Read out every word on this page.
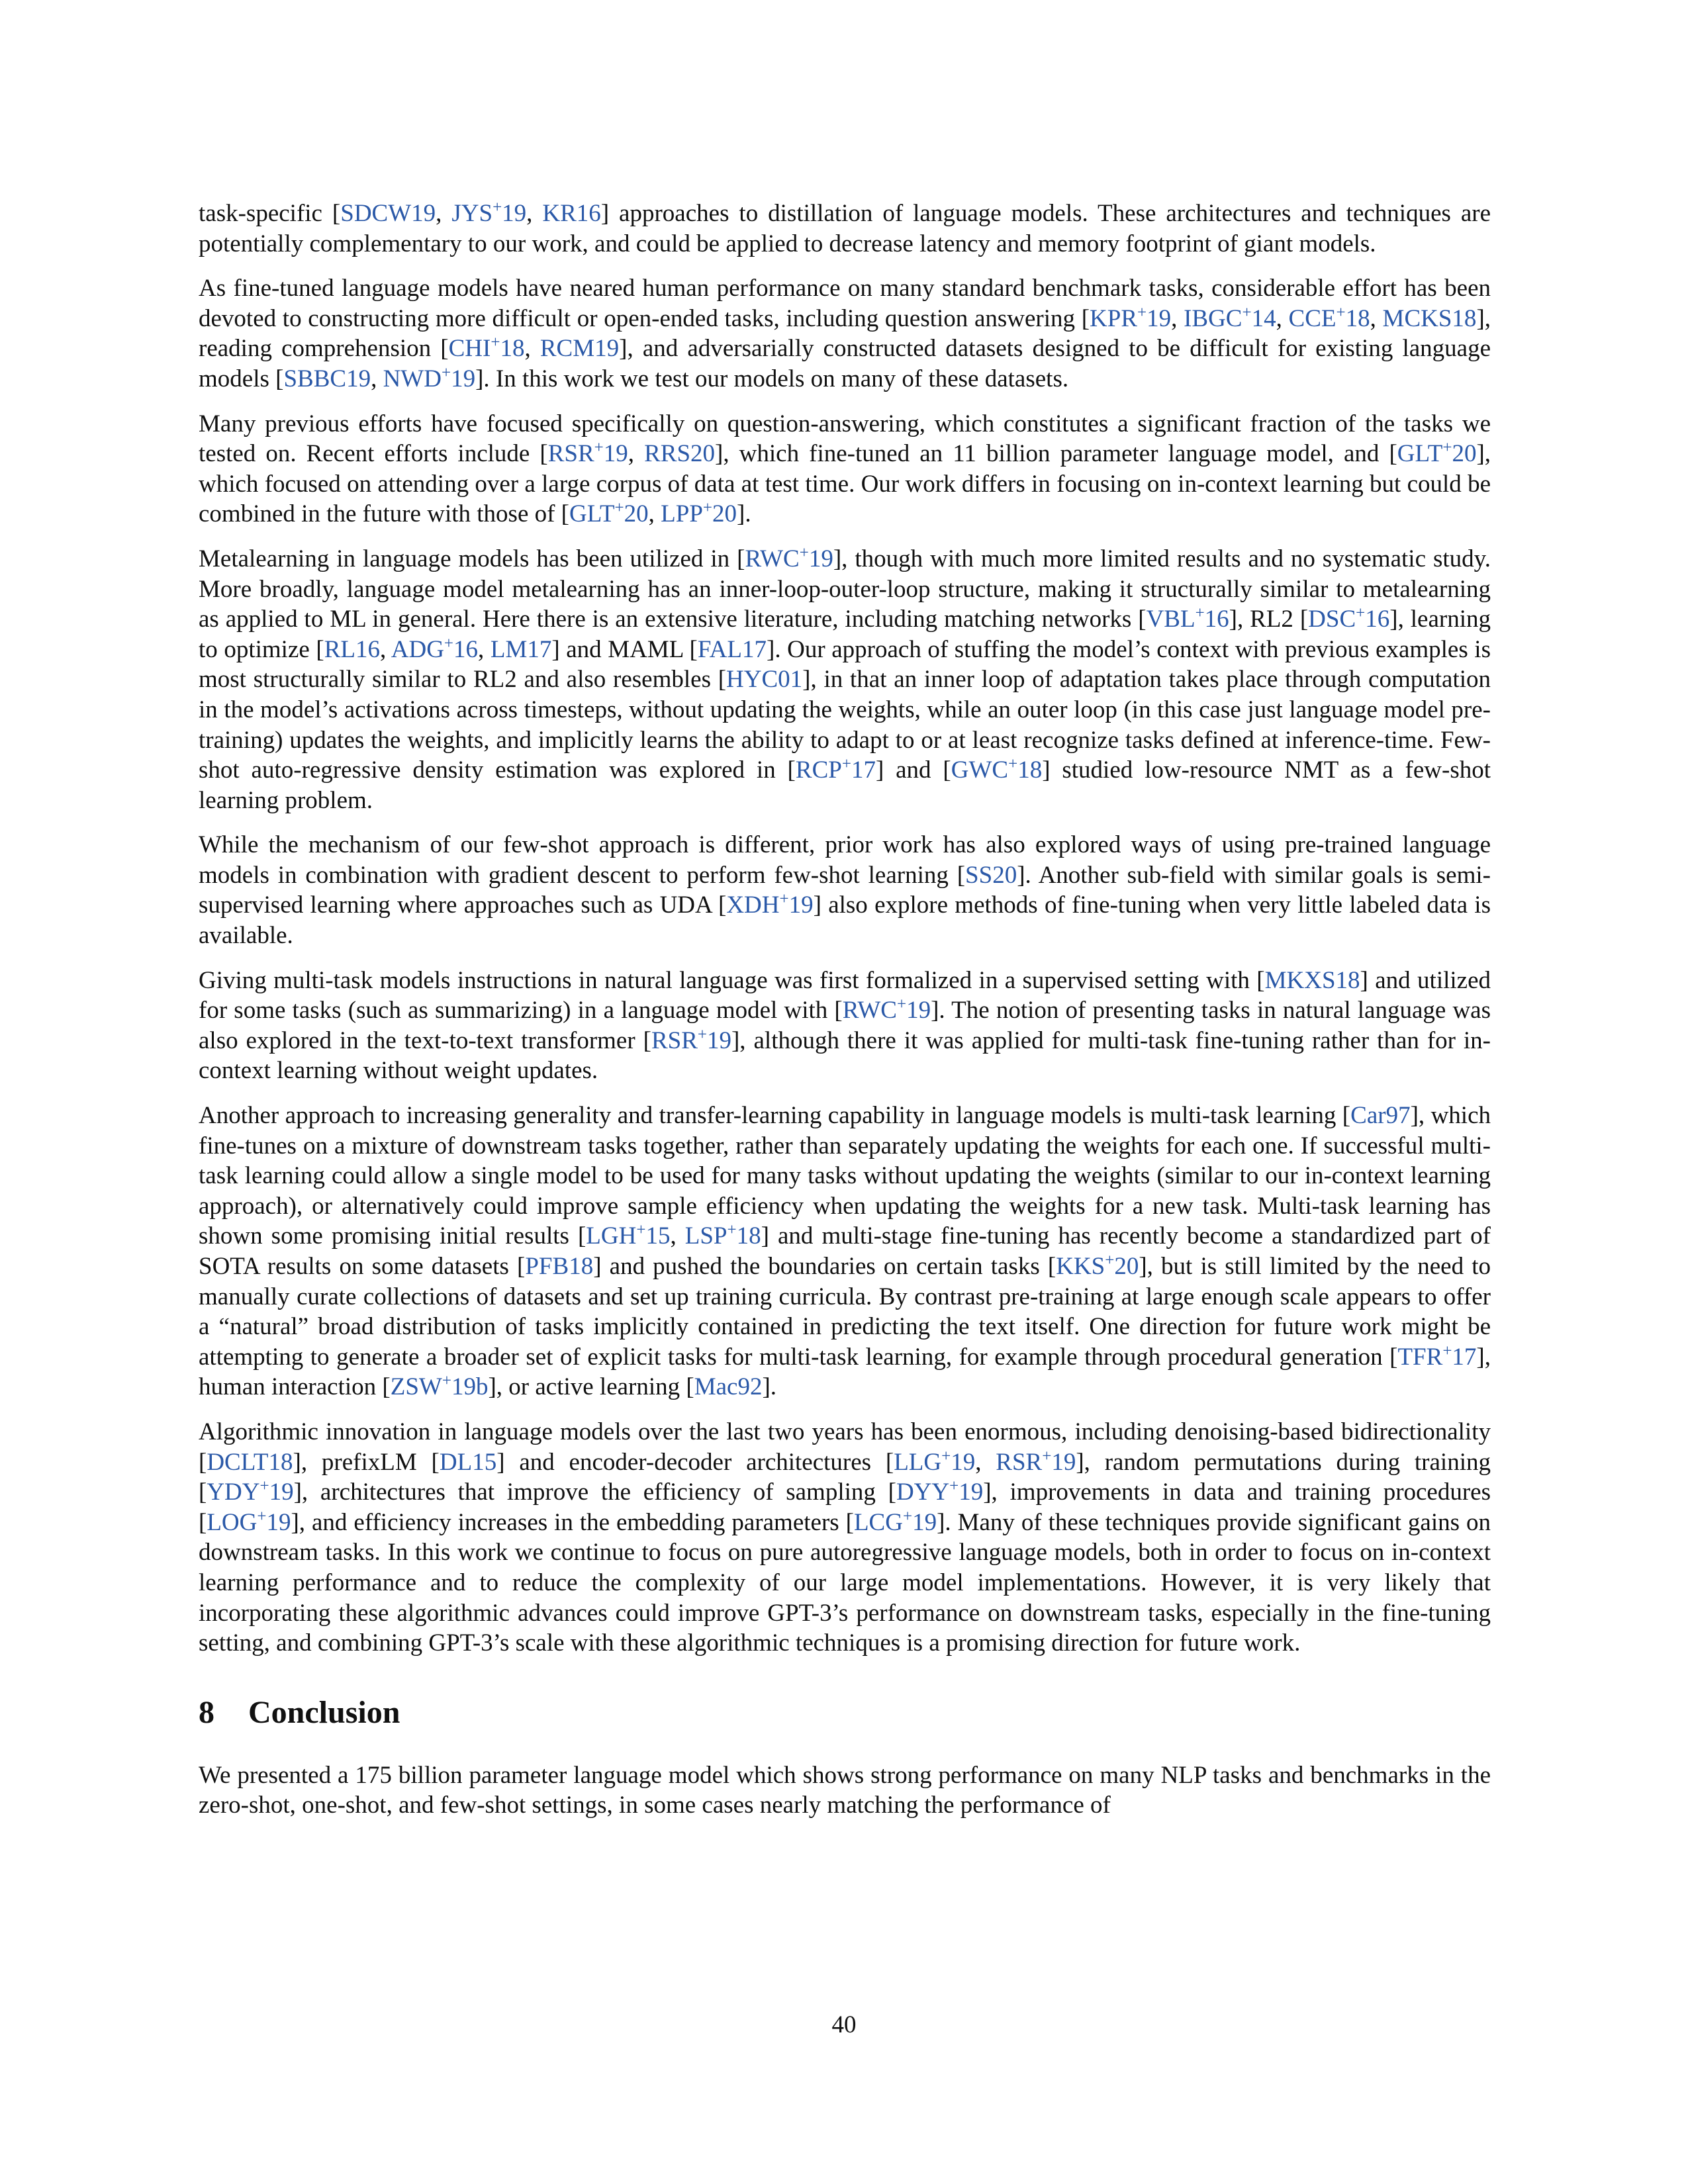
task-specific [SDCW19, JYS+19, KR16] approaches to distillation of language models. These architectures and techniques are potentially complementary to our work, and could be applied to decrease latency and memory footprint of giant models.

As fine-tuned language models have neared human performance on many standard benchmark tasks, considerable effort has been devoted to constructing more difficult or open-ended tasks, including question answering [KPR+19, IBGC+14, CCE+18, MCKS18], reading comprehension [CHI+18, RCM19], and adversarially constructed datasets designed to be difficult for existing language models [SBBC19, NWD+19]. In this work we test our models on many of these datasets.

Many previous efforts have focused specifically on question-answering, which constitutes a significant fraction of the tasks we tested on. Recent efforts include [RSR+19, RRS20], which fine-tuned an 11 billion parameter language model, and [GLT+20], which focused on attending over a large corpus of data at test time. Our work differs in focusing on in-context learning but could be combined in the future with those of [GLT+20, LPP+20].

Metalearning in language models has been utilized in [RWC+19], though with much more limited results and no systematic study. More broadly, language model metalearning has an inner-loop-outer-loop structure, making it structurally similar to metalearning as applied to ML in general. Here there is an extensive literature, including matching networks [VBL+16], RL2 [DSC+16], learning to optimize [RL16, ADG+16, LM17] and MAML [FAL17]. Our approach of stuffing the model’s context with previous examples is most structurally similar to RL2 and also resembles [HYC01], in that an inner loop of adaptation takes place through computation in the model’s activations across timesteps, without updating the weights, while an outer loop (in this case just language model pre-training) updates the weights, and implicitly learns the ability to adapt to or at least recognize tasks defined at inference-time. Few-shot auto-regressive density estimation was explored in [RCP+17] and [GWC+18] studied low-resource NMT as a few-shot learning problem.

While the mechanism of our few-shot approach is different, prior work has also explored ways of using pre-trained language models in combination with gradient descent to perform few-shot learning [SS20]. Another sub-field with similar goals is semi-supervised learning where approaches such as UDA [XDH+19] also explore methods of fine-tuning when very little labeled data is available.

Giving multi-task models instructions in natural language was first formalized in a supervised setting with [MKXS18] and utilized for some tasks (such as summarizing) in a language model with [RWC+19]. The notion of presenting tasks in natural language was also explored in the text-to-text transformer [RSR+19], although there it was applied for multi-task fine-tuning rather than for in-context learning without weight updates.

Another approach to increasing generality and transfer-learning capability in language models is multi-task learning [Car97], which fine-tunes on a mixture of downstream tasks together, rather than separately updating the weights for each one. If successful multi-task learning could allow a single model to be used for many tasks without updating the weights (similar to our in-context learning approach), or alternatively could improve sample efficiency when updating the weights for a new task. Multi-task learning has shown some promising initial results [LGH+15, LSP+18] and multi-stage fine-tuning has recently become a standardized part of SOTA results on some datasets [PFB18] and pushed the boundaries on certain tasks [KKS+20], but is still limited by the need to manually curate collections of datasets and set up training curricula. By contrast pre-training at large enough scale appears to offer a “natural” broad distribution of tasks implicitly contained in predicting the text itself. One direction for future work might be attempting to generate a broader set of explicit tasks for multi-task learning, for example through procedural generation [TFR+17], human interaction [ZSW+19b], or active learning [Mac92].

Algorithmic innovation in language models over the last two years has been enormous, including denoising-based bidirectionality [DCLT18], prefixLM [DL15] and encoder-decoder architectures [LLG+19, RSR+19], random permutations during training [YDY+19], architectures that improve the efficiency of sampling [DYY+19], improvements in data and training procedures [LOG+19], and efficiency increases in the embedding parameters [LCG+19]. Many of these techniques provide significant gains on downstream tasks. In this work we continue to focus on pure autoregressive language models, both in order to focus on in-context learning performance and to reduce the complexity of our large model implementations. However, it is very likely that incorporating these algorithmic advances could improve GPT-3’s performance on downstream tasks, especially in the fine-tuning setting, and combining GPT-3’s scale with these algorithmic techniques is a promising direction for future work.

8 Conclusion

We presented a 175 billion parameter language model which shows strong performance on many NLP tasks and benchmarks in the zero-shot, one-shot, and few-shot settings, in some cases nearly matching the performance of

40
